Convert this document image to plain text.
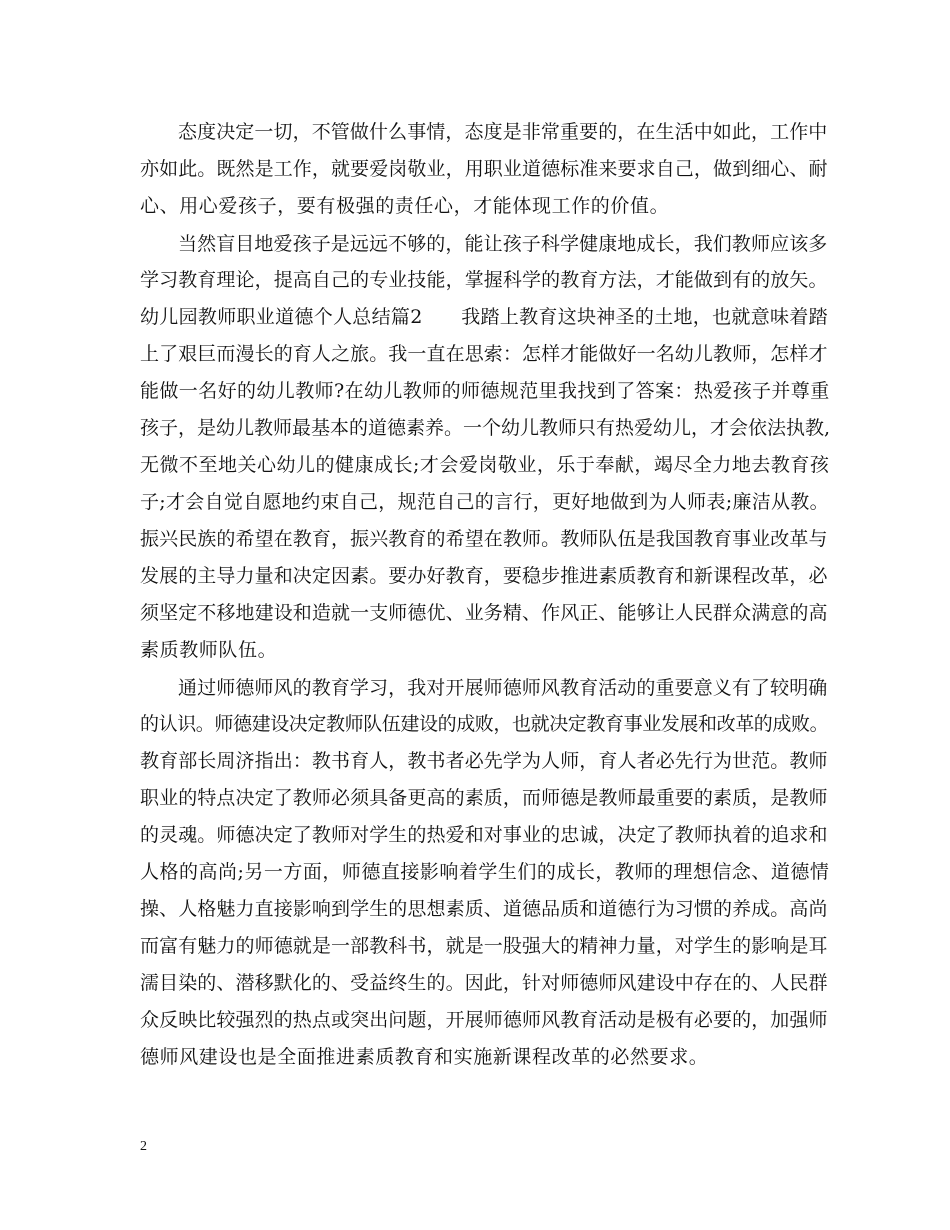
态度决定一切，不管做什么事情，态度是非常重要的，在生活中如此，工作中
亦如此。既然是工作，就要爱岗敬业，用职业道德标准来要求自己，做到细心、耐
心、用心爱孩子，要有极强的责任心，才能体现工作的价值。
当然盲目地爱孩子是远远不够的，能让孩子科学健康地成长，我们教师应该多
学习教育理论，提高自己的专业技能，掌握科学的教育方法，才能做到有的放矢。
幼儿园教师职业道德个人总结篇2　　我踏上教育这块神圣的土地，也就意味着踏
上了艰巨而漫长的育人之旅。我一直在思索：怎样才能做好一名幼儿教师，怎样才
能做一名好的幼儿教师?在幼儿教师的师德规范里我找到了答案：热爱孩子并尊重
孩子，是幼儿教师最基本的道德素养。一个幼儿教师只有热爱幼儿，才会依法执教,
无微不至地关心幼儿的健康成长;才会爱岗敬业，乐于奉献，竭尽全力地去教育孩
子;才会自觉自愿地约束自己，规范自己的言行，更好地做到为人师表;廉洁从教。
振兴民族的希望在教育，振兴教育的希望在教师。教师队伍是我国教育事业改革与
发展的主导力量和决定因素。要办好教育，要稳步推进素质教育和新课程改革，必
须坚定不移地建设和造就一支师德优、业务精、作风正、能够让人民群众满意的高
素质教师队伍。
通过师德师风的教育学习，我对开展师德师风教育活动的重要意义有了较明确
的认识。师德建设决定教师队伍建设的成败，也就决定教育事业发展和改革的成败。
教育部长周济指出：教书育人，教书者必先学为人师，育人者必先行为世范。教师
职业的特点决定了教师必须具备更高的素质，而师德是教师最重要的素质，是教师
的灵魂。师德决定了教师对学生的热爱和对事业的忠诚，决定了教师执着的追求和
人格的高尚;另一方面，师德直接影响着学生们的成长，教师的理想信念、道德情
操、人格魅力直接影响到学生的思想素质、道德品质和道德行为习惯的养成。高尚
而富有魅力的师德就是一部教科书，就是一股强大的精神力量，对学生的影响是耳
濡目染的、潜移默化的、受益终生的。因此，针对师德师风建设中存在的、人民群
众反映比较强烈的热点或突出问题，开展师德师风教育活动是极有必要的，加强师
德师风建设也是全面推进素质教育和实施新课程改革的必然要求。
2
